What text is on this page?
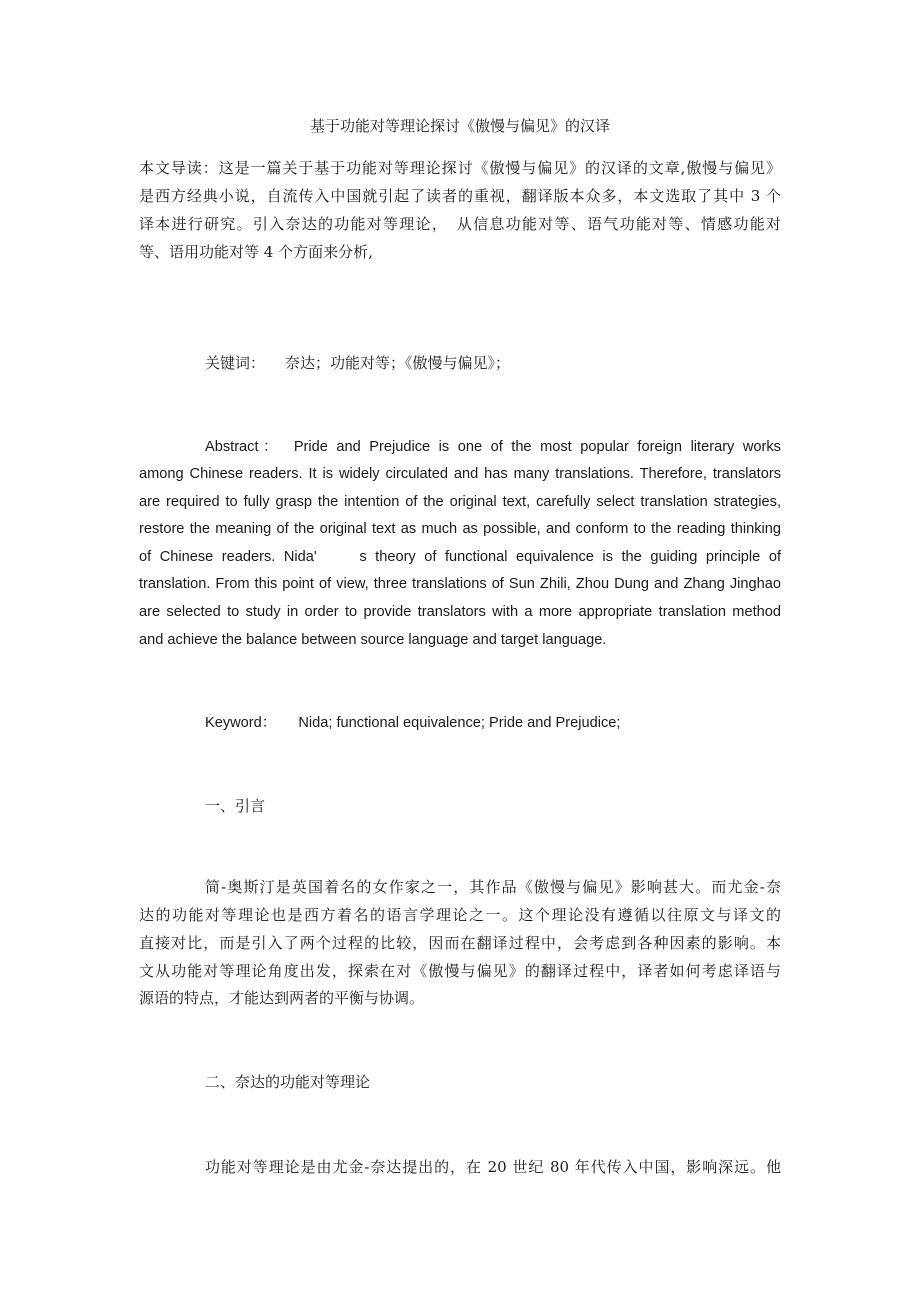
基于功能对等理论探讨《傲慢与偏见》的汉译
本文导读：这是一篇关于基于功能对等理论探讨《傲慢与偏见》的汉译的文章,傲慢与偏见》
是西方经典小说，自流传入中国就引起了读者的重视，翻译版本众多，本文选取了其中 3 个
译本进行研究。引入奈达的功能对等理论，　从信息功能对等、语气功能对等、情感功能对
等、语用功能对等 4 个方面来分析,
关键词： 奈达；功能对等；《傲慢与偏见》；
Abstract：　 Pride and Prejudice is one of the most popular foreign literary works
among Chinese readers. It is widely circulated and has many translations. Therefore, translators
are required to fully grasp the intention of the original text, carefully select translation strategies,
restore the meaning of the original text as much as possible, and conform to the reading thinking
of Chinese readers. Nida'　　s theory of functional equivalence is the guiding principle of
translation. From this point of view, three translations of Sun Zhili, Zhou Dung and Zhang Jinghao
are selected to study in order to provide translators with a more appropriate translation method
and achieve the balance between source language and target language.
Keyword： Nida; functional equivalence; Pride and Prejudice;
一、引言
简-奥斯汀是英国着名的女作家之一，其作品《傲慢与偏见》影响甚大。而尤金-奈
达的功能对等理论也是西方着名的语言学理论之一。这个理论没有遵循以往原文与译文的
直接对比，而是引入了两个过程的比较，因而在翻译过程中，会考虑到各种因素的影响。本
文从功能对等理论角度出发，探索在对《傲慢与偏见》的翻译过程中，译者如何考虑译语与
源语的特点，才能达到两者的平衡与协调。
二、奈达的功能对等理论
功能对等理论是由尤金-奈达提出的，在 20 世纪 80 年代传入中国，影响深远。他
